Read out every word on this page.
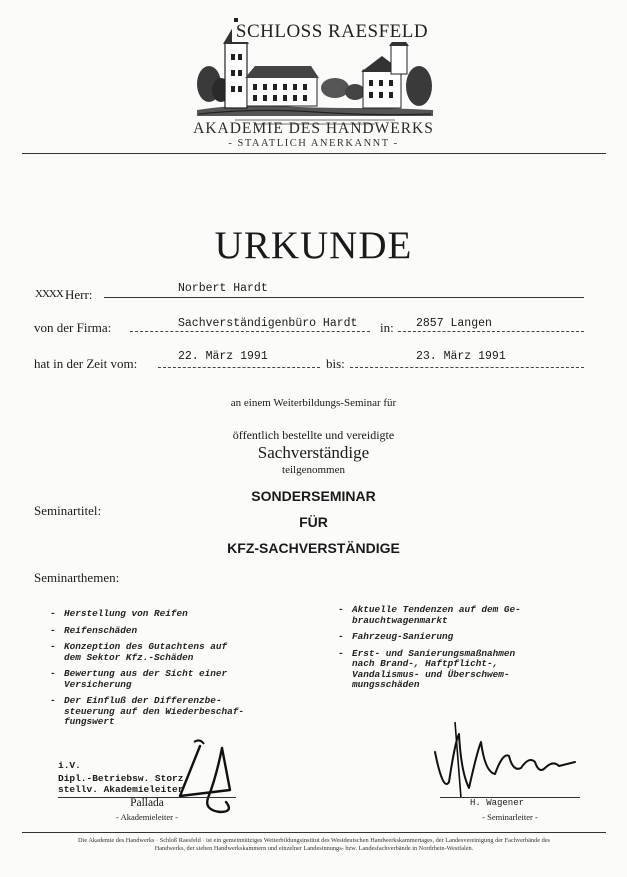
SCHLOSS RAESFELD
AKADEMIE DES HANDWERKS
- STAATLICH ANERKANNT -
URKUNDE
XXXX Herr:	Norbert Hardt
von der Firma:	Sachverständigenbüro Hardt in: 2857 Langen
hat in der Zeit vom:	22. März 1991	bis:	23. März 1991
an einem Weiterbildungs-Seminar für
öffentlich bestellte und vereidigte
Sachverständige
teilgenommen
Seminartitel:
SONDERSEMINAR
FÜR
KFZ-SACHVERSTÄNDIGE
Seminarthemen:
- Herstellung von Reifen
- Reifenschäden
- Konzeption des Gutachtens auf
dem Sektor Kfz.-Schäden
- Bewertung aus der Sicht einer
Versicherung
- Der Einfluß der Differenzbe-
steuerung auf den Wiederbeschaf-
fungswert
- Aktuelle Tendenzen auf dem Ge-
brauchtwagenmarkt
- Fahrzeug-Sanierung
- Erst- und Sanierungsmaßnahmen
nach Brand-, Haftpflicht-,
Vandalismus- und Überschwem-
mungsschäden
i.V.
Dipl.-Betriebsw. Storz
stellv. Akademieleiter
Pallada
- Akademieleiter -
H. Wagener
- Seminarleiter -
Die Akademie des Handwerks · Schloß Raesfeld · ist ein gemeinnütziges Weiterbildungsinstitut des Westdeutschen Handwerkskammertages, der Landesvereinigung der Fachverbände des Handwerks, der sieben Handwerkskammern und einzelner Landesinnungs- bzw. Landesfachverbände in Nordrhein-Westfalen.
